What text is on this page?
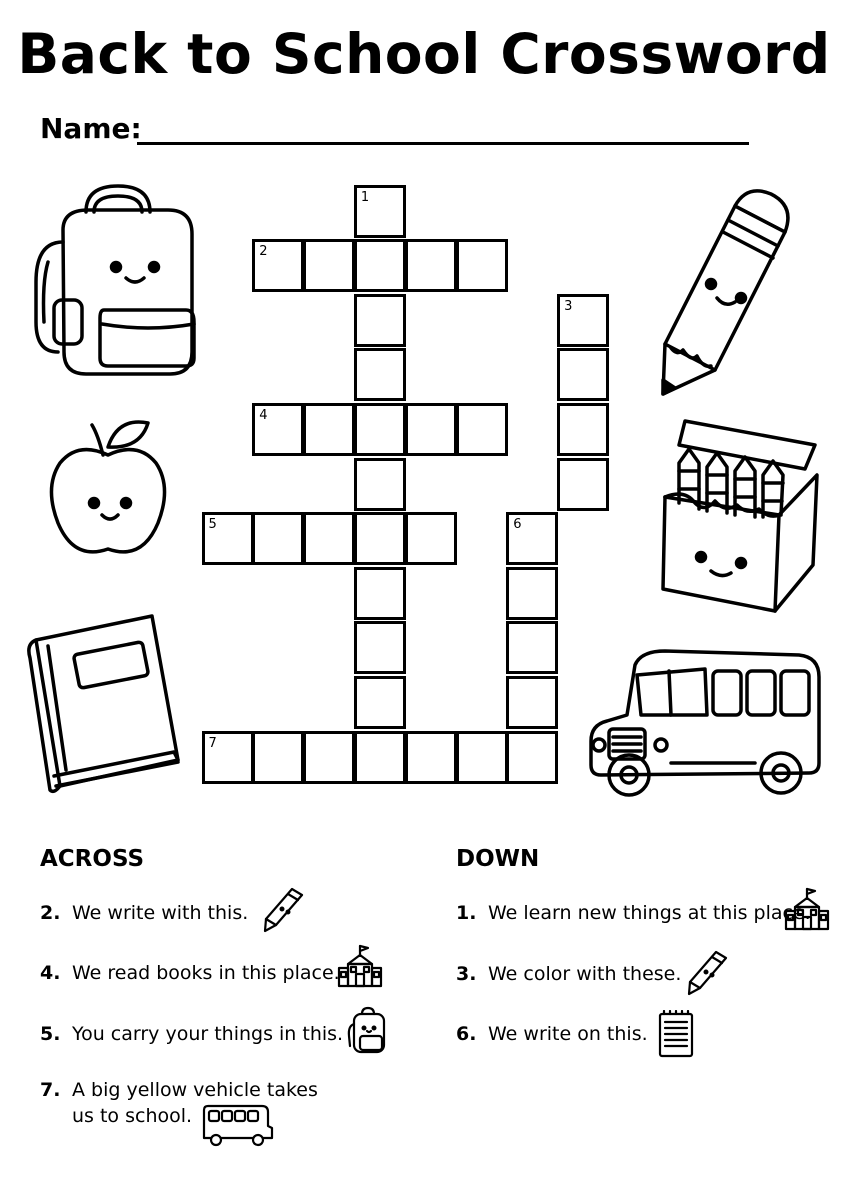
Back to School Crossword
Name:
1
2
3
4
5	6
7
ACROSS	DOWN
2. We write with this.
4. We read books in this place.
5. You carry your things in this.
7. A big yellow vehicle takes
us to school.
1. We learn new things at this place.
3. We color with these.
6. We write on this.
